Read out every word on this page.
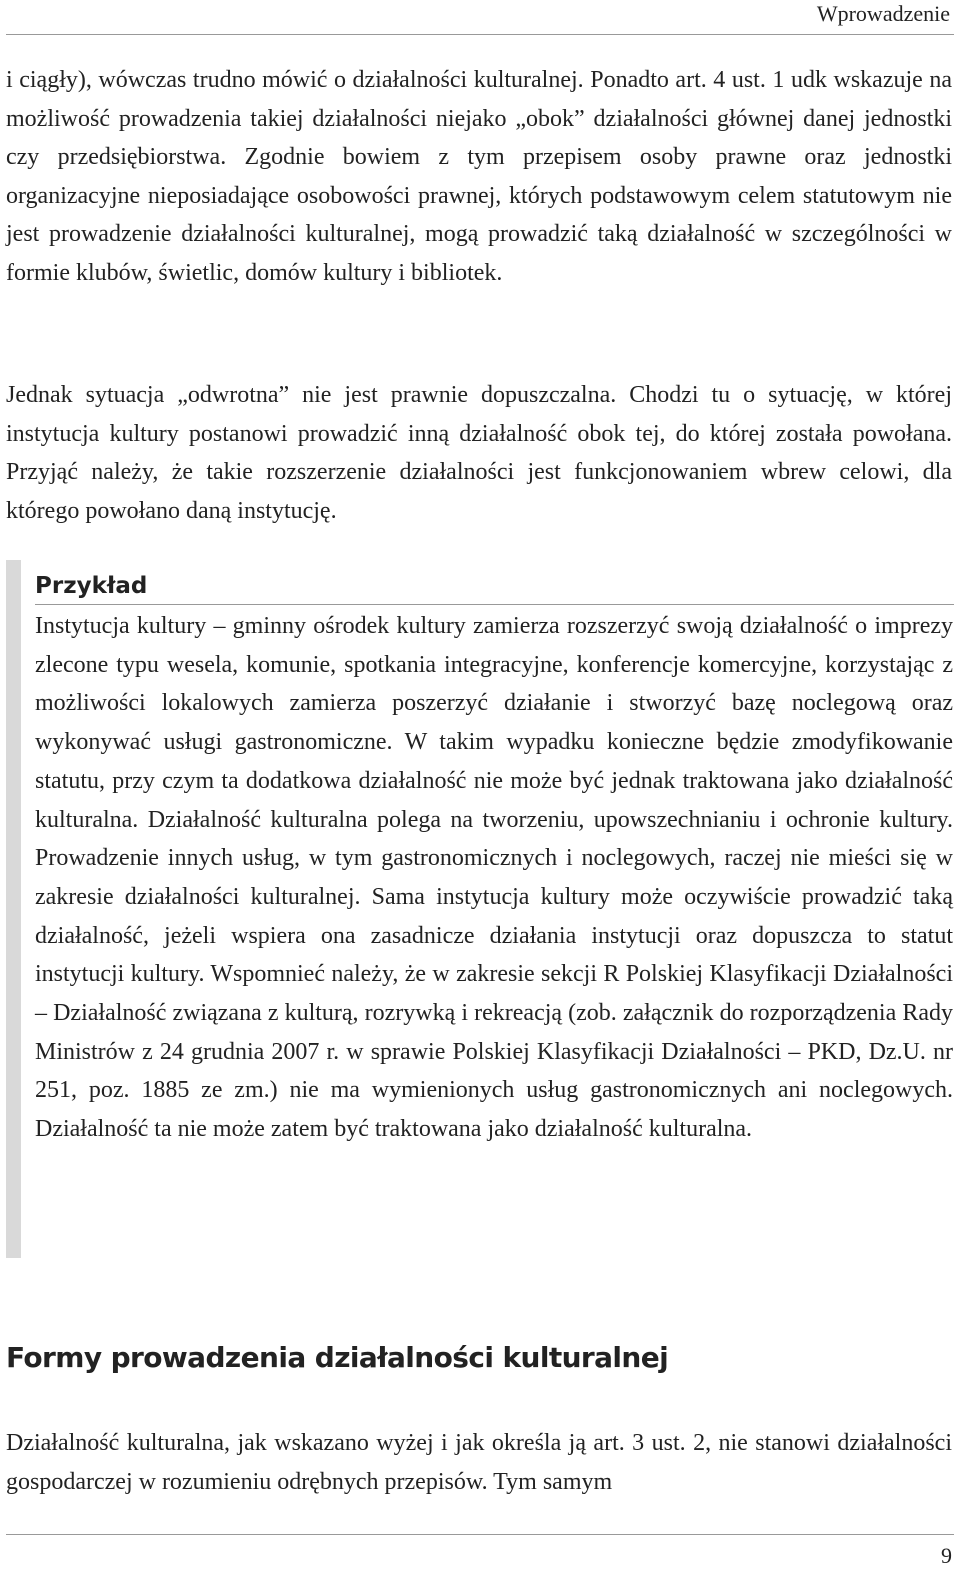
Wprowadzenie

i ciągły), wówczas trudno mówić o działalności kulturalnej. Ponadto art. 4 ust. 1 udk wskazuje na możliwość prowadzenia takiej działalności niejako „obok” działalności głównej danej jednostki czy przedsiębiorstwa. Zgodnie bowiem z tym przepisem osoby prawne oraz jednostki organizacyjne nieposiadające osobowości prawnej, których podstawowym celem statutowym nie jest prowadzenie działalności kulturalnej, mogą prowadzić taką działalność w szczególności w formie klubów, świetlic, domów kultury i bibliotek.

Jednak sytuacja „odwrotna” nie jest prawnie dopuszczalna. Chodzi tu o sytuację, w której instytucja kultury postanowi prowadzić inną działalność obok tej, do której została powołana. Przyjąć należy, że takie rozszerzenie działalności jest funkcjonowaniem wbrew celowi, dla którego powołano daną instytucję.

Przykład

Instytucja kultury – gminny ośrodek kultury zamierza rozszerzyć swoją działalność o imprezy zlecone typu wesela, komunie, spotkania integracyjne, konferencje komercyjne, korzystając z możliwości lokalowych zamierza poszerzyć działanie i stworzyć bazę noclegową oraz wykonywać usługi gastronomiczne. W takim wypadku konieczne będzie zmodyfikowanie statutu, przy czym ta dodatkowa działalność nie może być jednak traktowana jako działalność kulturalna. Działalność kulturalna polega na tworzeniu, upowszechnianiu i ochronie kultury. Prowadzenie innych usług, w tym gastronomicznych i noclegowych, raczej nie mieści się w zakresie działalności kulturalnej. Sama instytucja kultury może oczywiście prowadzić taką działalność, jeżeli wspiera ona zasadnicze działania instytucji oraz dopuszcza to statut instytucji kultury. Wspomnieć należy, że w zakresie sekcji R Polskiej Klasyfikacji Działalności – Działalność związana z kulturą, rozrywką i rekreacją (zob. załącznik do rozporządzenia Rady Ministrów z 24 grudnia 2007 r. w sprawie Polskiej Klasyfikacji Działalności – PKD, Dz.U. nr 251, poz. 1885 ze zm.) nie ma wymienionych usług gastronomicznych ani noclegowych. Działalność ta nie może zatem być traktowana jako działalność kulturalna.

Formy prowadzenia działalności kulturalnej

Działalność kulturalna, jak wskazano wyżej i jak określa ją art. 3 ust. 2, nie stanowi działalności gospodarczej w rozumieniu odrębnych przepisów. Tym samym

9
